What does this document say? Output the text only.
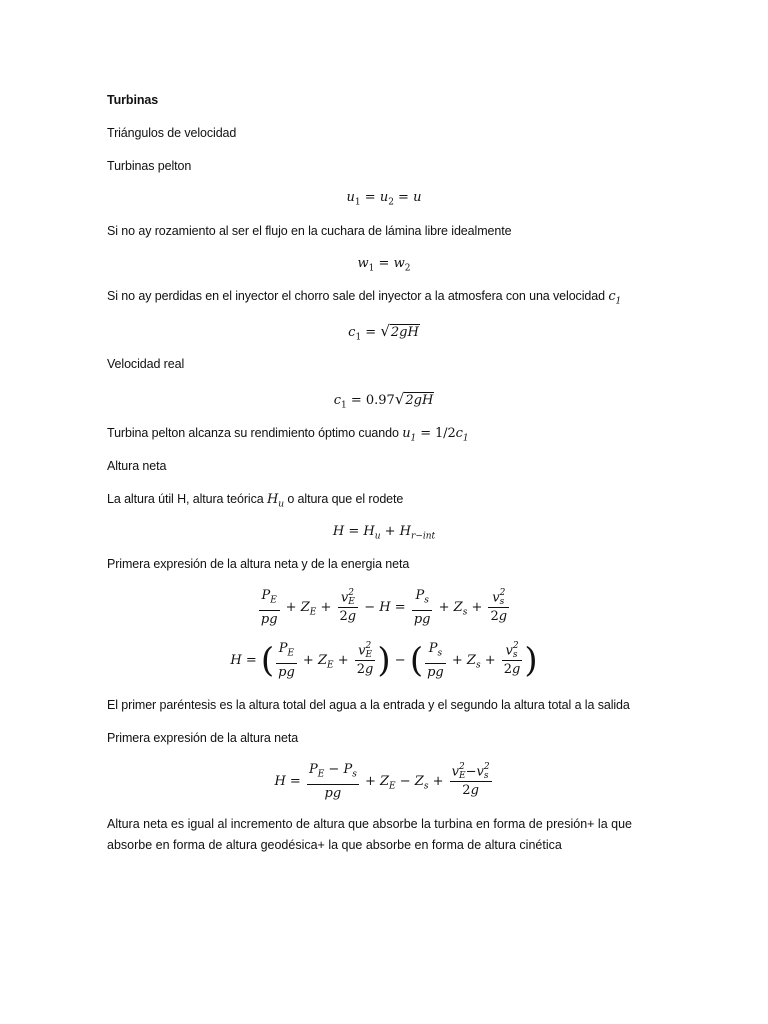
Turbinas
Triángulos de velocidad
Turbinas pelton
$u_1 = u_2 = u$
Si no ay rozamiento al ser el flujo en la cuchara de lámina libre idealmente
$w_1 = w_2$
Si no ay perdidas en el inyector el chorro sale del inyector a la atmosfera con una velocidad $c_1$
$c_1 = √2gH$
Velocidad real
$c_1 = 0.97√2gH$
Turbina pelton alcanza su rendimiento óptimo cuando $u_1 = 1/2c_1$
Altura neta
La altura útil H, altura teórica $H_u$ o altura que el rodete
$H = H_u + H_{r-int}$
Primera expresión de la altura neta y de la energia neta
$\frac{P_E}{pg} + Z_E + v$ 2
E
$2g - H = \frac{P_s}{pg} + Z_s + v$ 2
s
2g
H = ( $\frac{P_E}{pg} + Z_E + v$ 2
E
2g ) − ( $\frac{P_s}{pg} + Z_s + v$ 2
s
2g )
El primer paréntesis es la altura total del agua a la entrada y el segundo la altura total a la salida
Primera expresión de la altura neta
$H = \frac{P_E - P_s}{pg} + Z_E - Z_s + v$ 2
E −v 2
s
2g
Altura neta es igual al incremento de altura que absorbe la turbina en forma de presión+ la que absorbe en forma de altura geodésica+ la que absorbe en forma de altura cinética
